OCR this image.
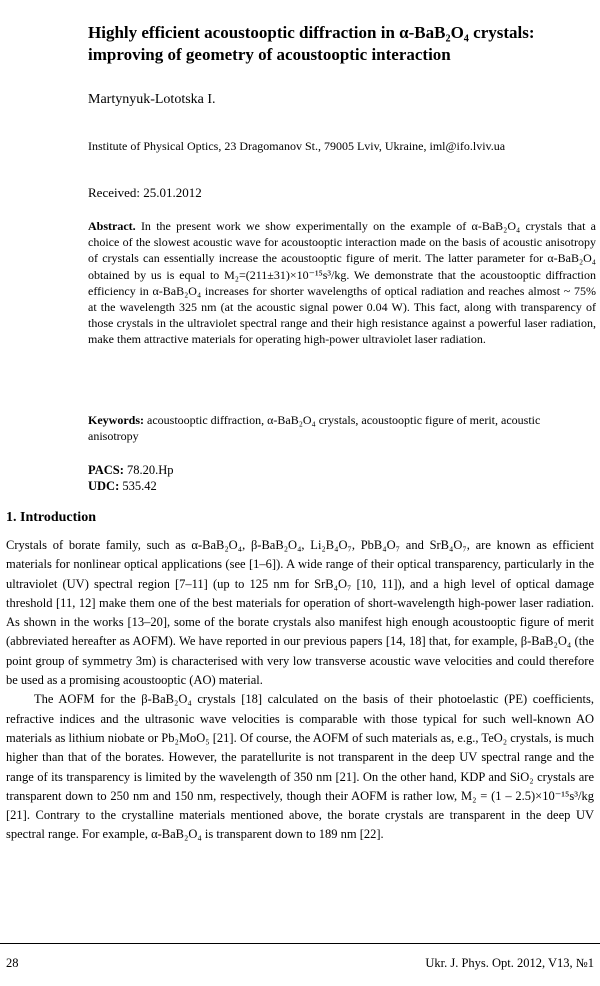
Highly efficient acoustooptic diffraction in α-BaB₂O₄ crystals: improving of geometry of acoustooptic interaction
Martynyuk-Lototska I.
Institute of Physical Optics, 23 Dragomanov St., 79005 Lviv, Ukraine, iml@ifo.lviv.ua
Received: 25.01.2012

Abstract. In the present work we show experimentally on the example of α-BaB₂O₄ crystals that a choice of the slowest acoustic wave for acoustooptic interaction made on the basis of acoustic anisotropy of crystals can essentially increase the acoustooptic figure of merit. The latter parameter for α-BaB₂O₄ obtained by us is equal to M₂=(211±31)×10⁻¹⁵s³/kg. We demonstrate that the acoustooptic diffraction efficiency in α-BaB₂O₄ increases for shorter wavelengths of optical radiation and reaches almost ~ 75% at the wavelength 325 nm (at the acoustic signal power 0.04 W). This fact, along with transparency of those crystals in the ultraviolet spectral range and their high resistance against a powerful laser radiation, make them attractive materials for operating high-power ultraviolet laser radiation.

Keywords: acoustooptic diffraction, α-BaB₂O₄ crystals, acoustooptic figure of merit, acoustic anisotropy

PACS: 78.20.Hp
UDC: 535.42
1. Introduction

Crystals of borate family, such as α-BaB₂O₄, β-BaB₂O₄, Li₂B₄O₇, PbB₄O₇ and SrB₄O₇, are known as efficient materials for nonlinear optical applications (see [1–6]). A wide range of their optical transparency, particularly in the ultraviolet (UV) spectral region [7–11] (up to 125 nm for SrB₄O₇ [10, 11]), and a high level of optical damage threshold [11, 12] make them one of the best materials for operation of short-wavelength high-power laser radiation. As shown in the works [13–20], some of the borate crystals also manifest high enough acoustooptic figure of merit (abbreviated hereafter as AOFM). We have reported in our previous papers [14, 18] that, for example, β-BaB₂O₄ (the point group of symmetry 3m) is characterised with very low transverse acoustic wave velocities and could therefore be used as a promising acoustooptic (AO) material.

The AOFM for the β-BaB₂O₄ crystals [18] calculated on the basis of their photoelastic (PE) coefficients, refractive indices and the ultrasonic wave velocities is comparable with those typical for such well-known AO materials as lithium niobate or Pb₂MoO₅ [21]. Of course, the AOFM of such materials as, e.g., TeO₂ crystals, is much higher than that of the borates. However, the paratellurite is not transparent in the deep UV spectral range and the range of its transparency is limited by the wavelength of 350 nm [21]. On the other hand, KDP and SiO₂ crystals are transparent down to 250 nm and 150 nm, respectively, though their AOFM is rather low, M₂ = (1 – 2.5)×10⁻¹⁵s³/kg [21]. Contrary to the crystalline materials mentioned above, the borate crystals are transparent in the deep UV spectral range. For example, α-BaB₂O₄ is transparent down to 189 nm [22].

28	Ukr. J. Phys. Opt. 2012, V13, №1
